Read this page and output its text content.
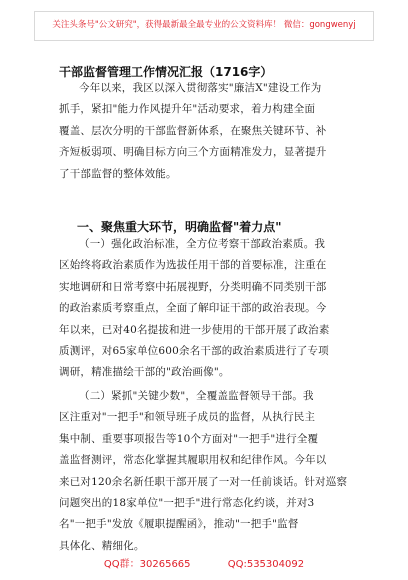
关注头条号"公文研究"，获得最新最全最专业的公文资料库！ 微信：gongwenyj
干部监督管理工作情况汇报（1716字）
今年以来，我区以深入贯彻落实"廉洁X"建设工作为
抓手，紧扣"能力作风提升年"活动要求，着力构建全面
覆盖、层次分明的干部监督新体系，在聚焦关键环节、补
齐短板弱项、明确目标方向三个方面精准发力，显著提升
了干部监督的整体效能。
一、聚焦重大环节，明确监督"着力点"
（一）强化政治标准，全方位考察干部政治素质。我
区始终将政治素质作为选拔任用干部的首要标准，注重在
实地调研和日常考察中拓展视野，分类明确不同类别干部
的政治素质考察重点，全面了解印证干部的政治表现。今
年以来，已对40名提拔和进一步使用的干部开展了政治素
质测评，对65家单位600余名干部的政治素质进行了专项
调研，精准描绘干部的"政治画像"。
（二）紧抓"关键少数"，全覆盖监督领导干部。我
区注重对"一把手"和领导班子成员的监督，从执行民主
集中制、重要事项报告等10个方面对"一把手"进行全覆
盖监督测评，常态化掌握其履职用权和纪律作风。今年以
来已对120余名新任职干部开展了一对一任前谈话。针对巡察
问题突出的18家单位"一把手"进行常态化约谈，并对3
名"一把手"发放《履职提醒函》，推动"一把手"监督
具体化、精细化。
QQ群：30265665	QQ:535304092
